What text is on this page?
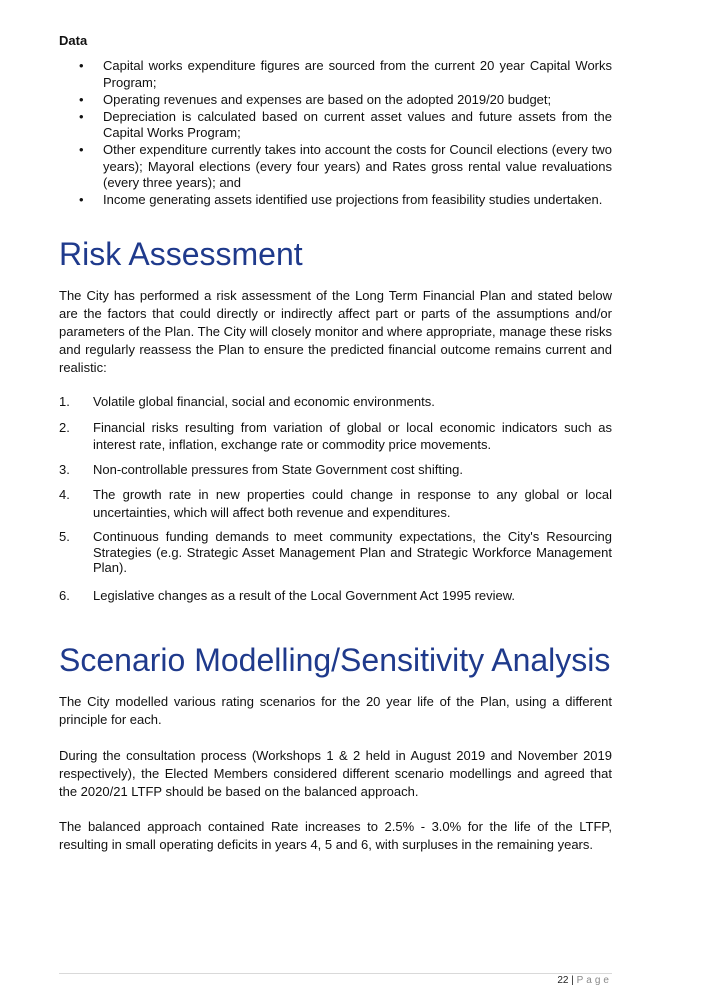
Data
• Capital works expenditure figures are sourced from the current 20 year Capital Works Program;
• Operating revenues and expenses are based on the adopted 2019/20 budget;
• Depreciation is calculated based on current asset values and future assets from the Capital Works Program;
• Other expenditure currently takes into account the costs for Council elections (every two years); Mayoral elections (every four years) and Rates gross rental value revaluations (every three years); and
• Income generating assets identified use projections from feasibility studies undertaken.
Risk Assessment

The City has performed a risk assessment of the Long Term Financial Plan and stated below are the factors that could directly or indirectly affect part or parts of the assumptions and/or parameters of the Plan. The City will closely monitor and where appropriate, manage these risks and regularly reassess the Plan to ensure the predicted financial outcome remains current and realistic:

1. Volatile global financial, social and economic environments.
2. Financial risks resulting from variation of global or local economic indicators such as interest rate, inflation, exchange rate or commodity price movements.
3. Non-controllable pressures from State Government cost shifting.
4. The growth rate in new properties could change in response to any global or local uncertainties, which will affect both revenue and expenditures.
5. Continuous funding demands to meet community expectations, the City's Resourcing Strategies (e.g. Strategic Asset Management Plan and Strategic Workforce Management Plan).
6. Legislative changes as a result of the Local Government Act 1995 review.
Scenario Modelling/Sensitivity Analysis

The City modelled various rating scenarios for the 20 year life of the Plan, using a different principle for each.

During the consultation process (Workshops 1 & 2 held in August 2019 and November 2019 respectively), the Elected Members considered different scenario modellings and agreed that the 2020/21 LTFP should be based on the balanced approach.

The balanced approach contained Rate increases to 2.5% - 3.0% for the life of the LTFP, resulting in small operating deficits in years 4, 5 and 6, with surpluses in the remaining years.

22 | Page
